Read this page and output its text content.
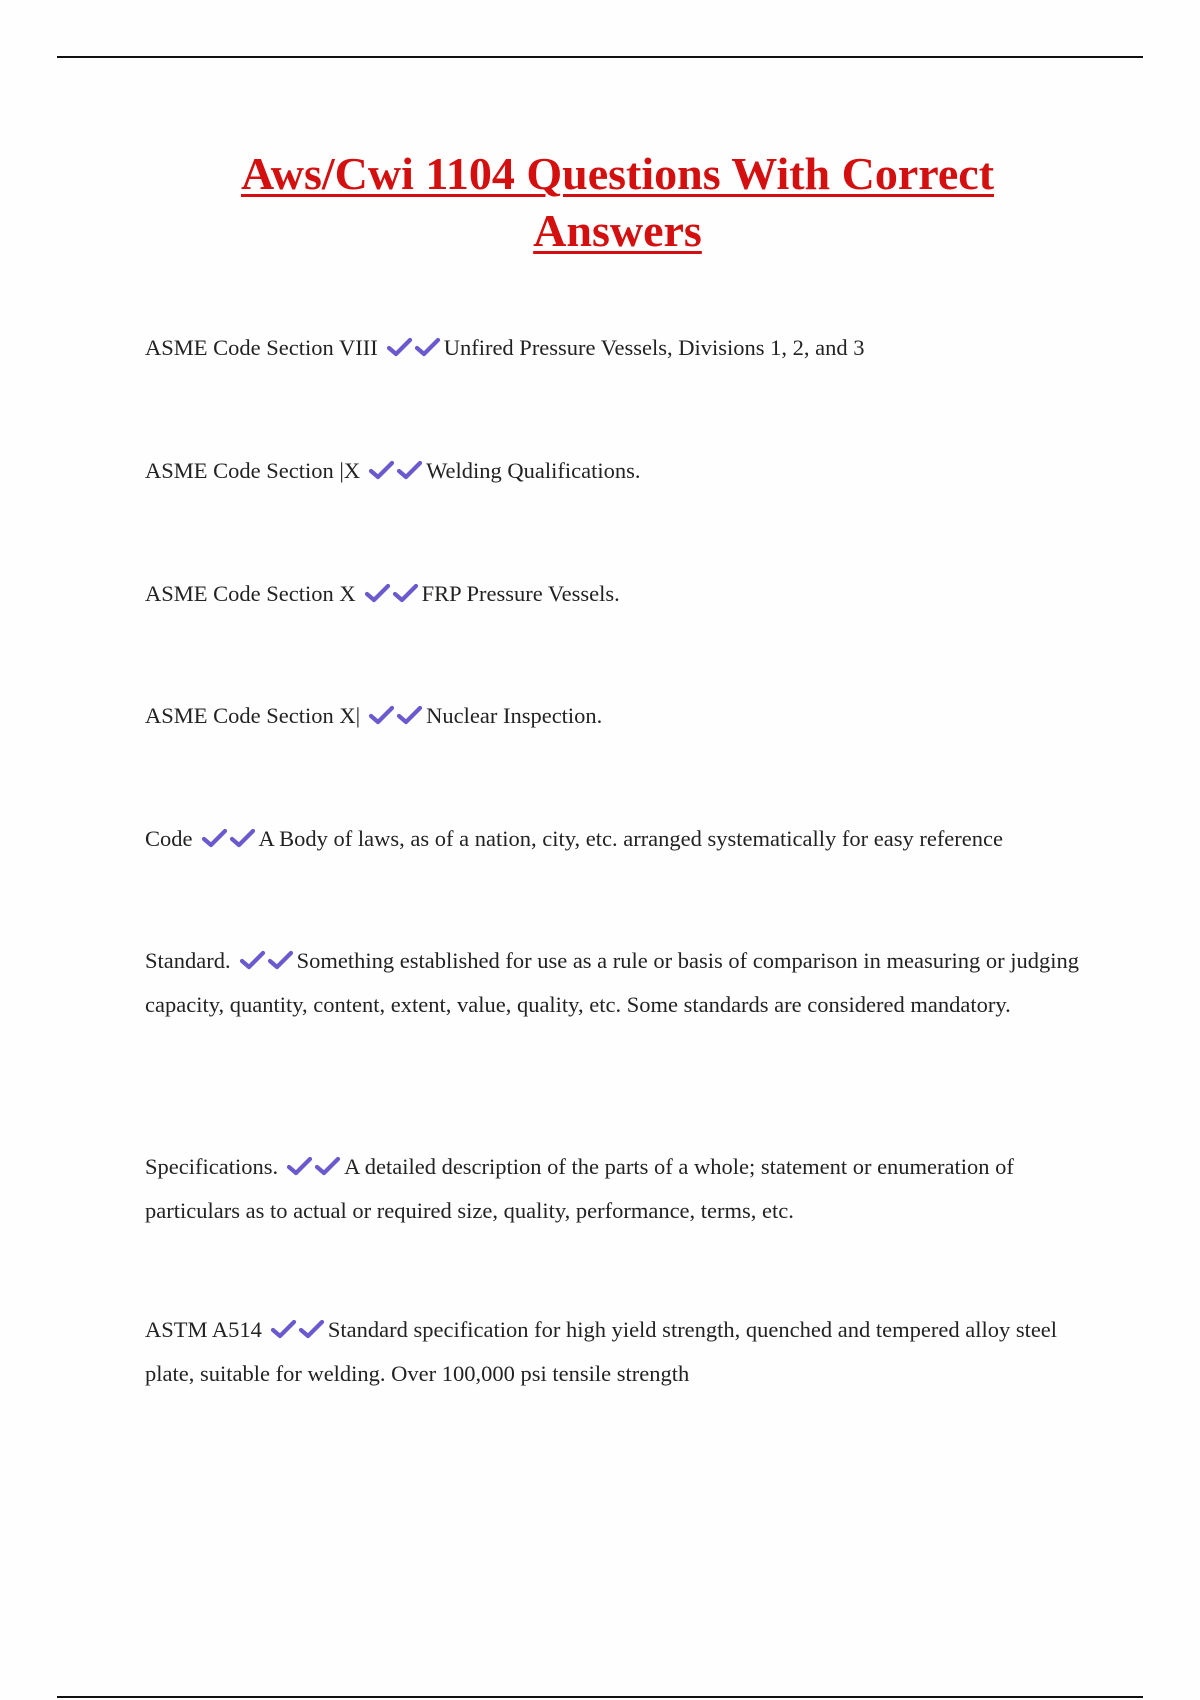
Aws/Cwi 1104 Questions With Correct
Answers
ASME Code Section VIII	Unfired Pressure Vessels, Divisions 1, 2, and 3
ASME Code Section |X	Welding Qualifications.
ASME Code Section X	FRP Pressure Vessels.
ASME Code Section X|	Nuclear Inspection.
Code	A Body of laws, as of a nation, city, etc. arranged systematically for easy reference
Standard.	Something established for use as a rule or basis of comparison in measuring or judging capacity, quantity, content, extent, value, quality, etc. Some standards are considered mandatory.
Specifications.	A detailed description of the parts of a whole; statement or enumeration of particulars as to actual or required size, quality, performance, terms, etc.
ASTM A514	Standard specification for high yield strength, quenched and tempered alloy steel plate, suitable for welding. Over 100,000 psi tensile strength
